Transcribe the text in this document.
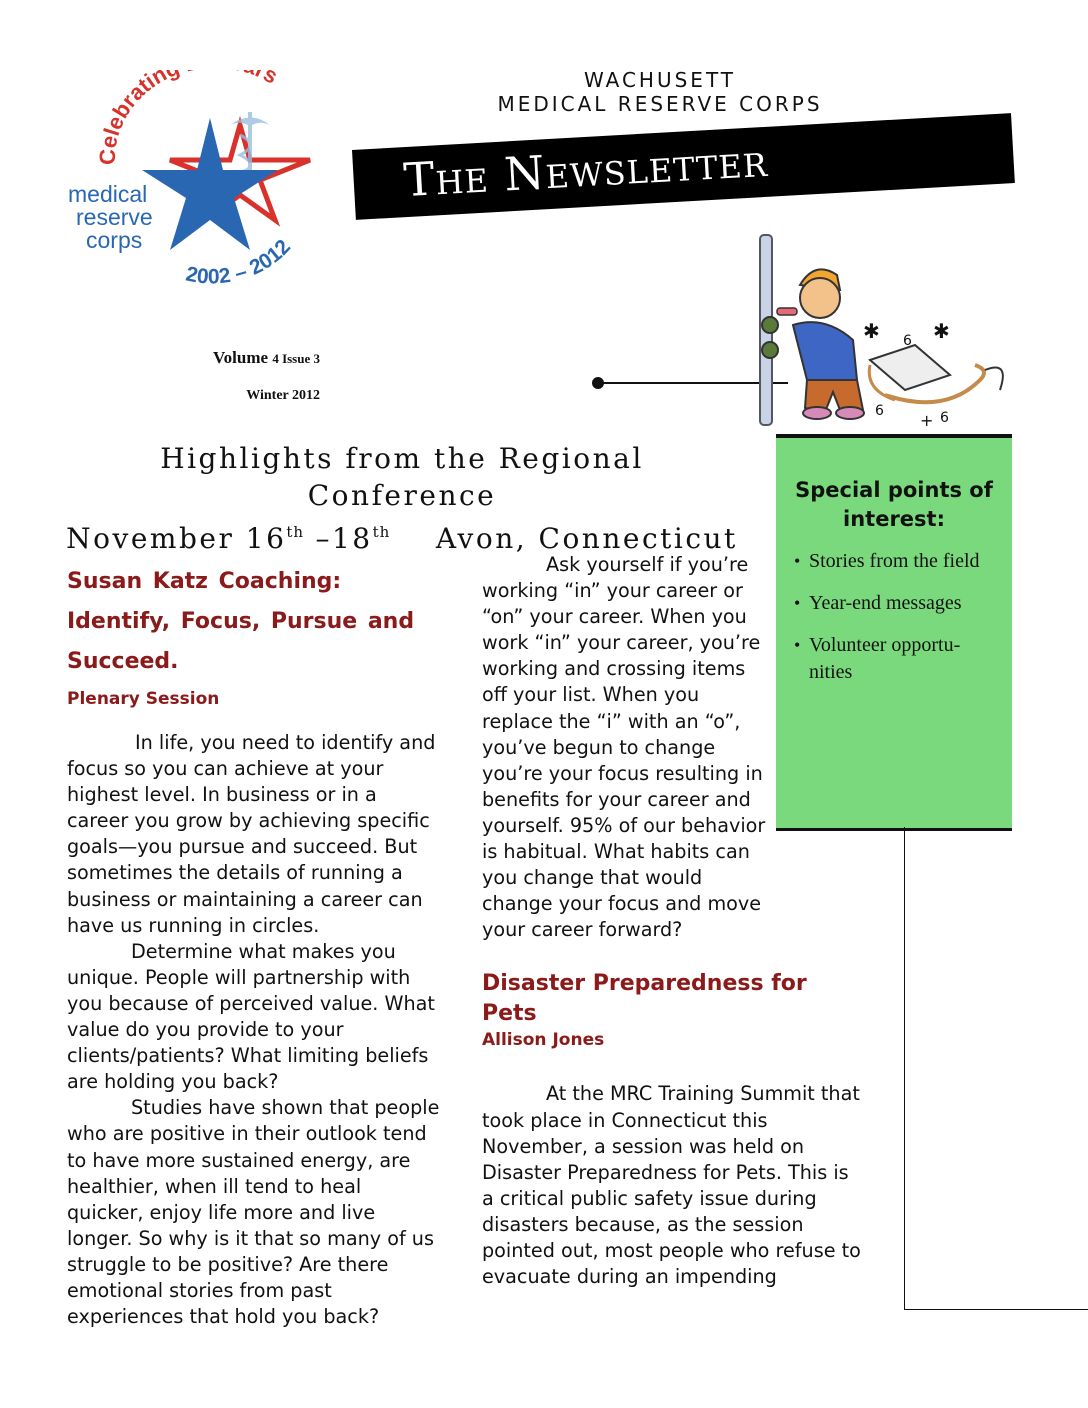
Celebratin s
medical
reserve
corps
2002 – 2012
WACHUSETT
MEDICAL RESERVE CORPS
The Newsletter
Volume 4 Issue 3
Winter 2012
✱	✱
6
6 + 6
Special points of interest:
• Stories from the field
• Year-end messages
• Volunteer opportu-nities
Highlights from the Regional Conference
November 16th –18th    Avon, Connecticut
Susan Katz Coaching: Identify, Focus, Pursue and Succeed.
Plenary Session

In life, you need to identify and focus so you can achieve at your highest level. In business or in a career you grow by achieving specific goals—you pursue and succeed. But sometimes the details of running a business or maintaining a career can have us running in circles.

Determine what makes you unique. People will partnership with you because of perceived value. What value do you provide to your clients/patients? What limiting beliefs are holding you back?

Studies have shown that people who are positive in their outlook tend to have more sustained energy, are healthier, when ill tend to heal quicker, enjoy life more and live longer. So why is it that so many of us struggle to be positive? Are there emotional stories from past experiences that hold you back?

Ask yourself if you’re working “in” your career or “on” your career. When you work “in” your career, you’re working and crossing items off your list. When you replace the “i” with an “o”, you’ve begun to change you’re your focus resulting in benefits for your career and yourself. 95% of our behavior is habitual. What habits can you change that would change your focus and move your career forward?

Disaster Preparedness for Pets
Allison Jones

At the MRC Training Summit that took place in Connecticut this November, a session was held on Disaster Preparedness for Pets. This is a critical public safety issue during disasters because, as the session pointed out, most people who refuse to evacuate during an impending
